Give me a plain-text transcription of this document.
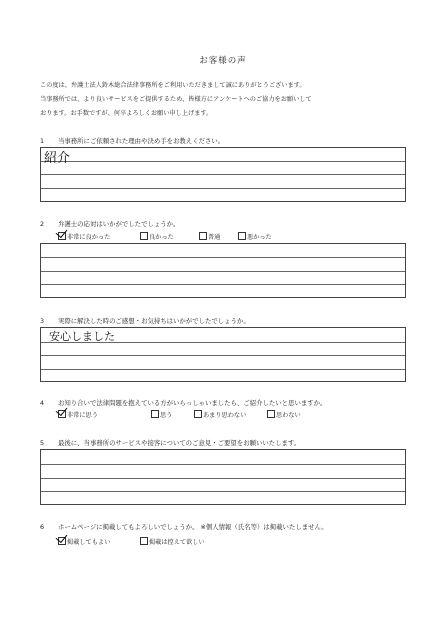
お客様の声
この度は、弁護士法人鈴木総合法律事務所をご利用いただきまして誠にありがとうございます。
当事務所では、より良いサービスをご提供するため、皆様方にアンケートへのご協力をお願いして
おります。お手数ですが、何卒よろしくお願い申し上げます。
1 当事務所にご依頼された理由や決め手をお教えください。
紹介
2 弁護士の応対はいかがでしたでしょうか。
非常に良かった	良かった	普通	悪かった
3 実際に解決した時のご感想・お気持ちはいかがでしたでしょうか。
安心しました
4 お知り合いで法律問題を抱えている方がいらっしゃいましたら、ご紹介したいと思いますか。
非常に思う	思う	あまり思わない	思わない
5 最後に、当事務所のサービスや接客についてのご意見・ご要望をお願いいたします。
6 ホームページに掲載してもよろしいでしょうか。 ※個人情報（氏名等）は掲載いたしません。
掲載してもよい	掲載は控えて欲しい
